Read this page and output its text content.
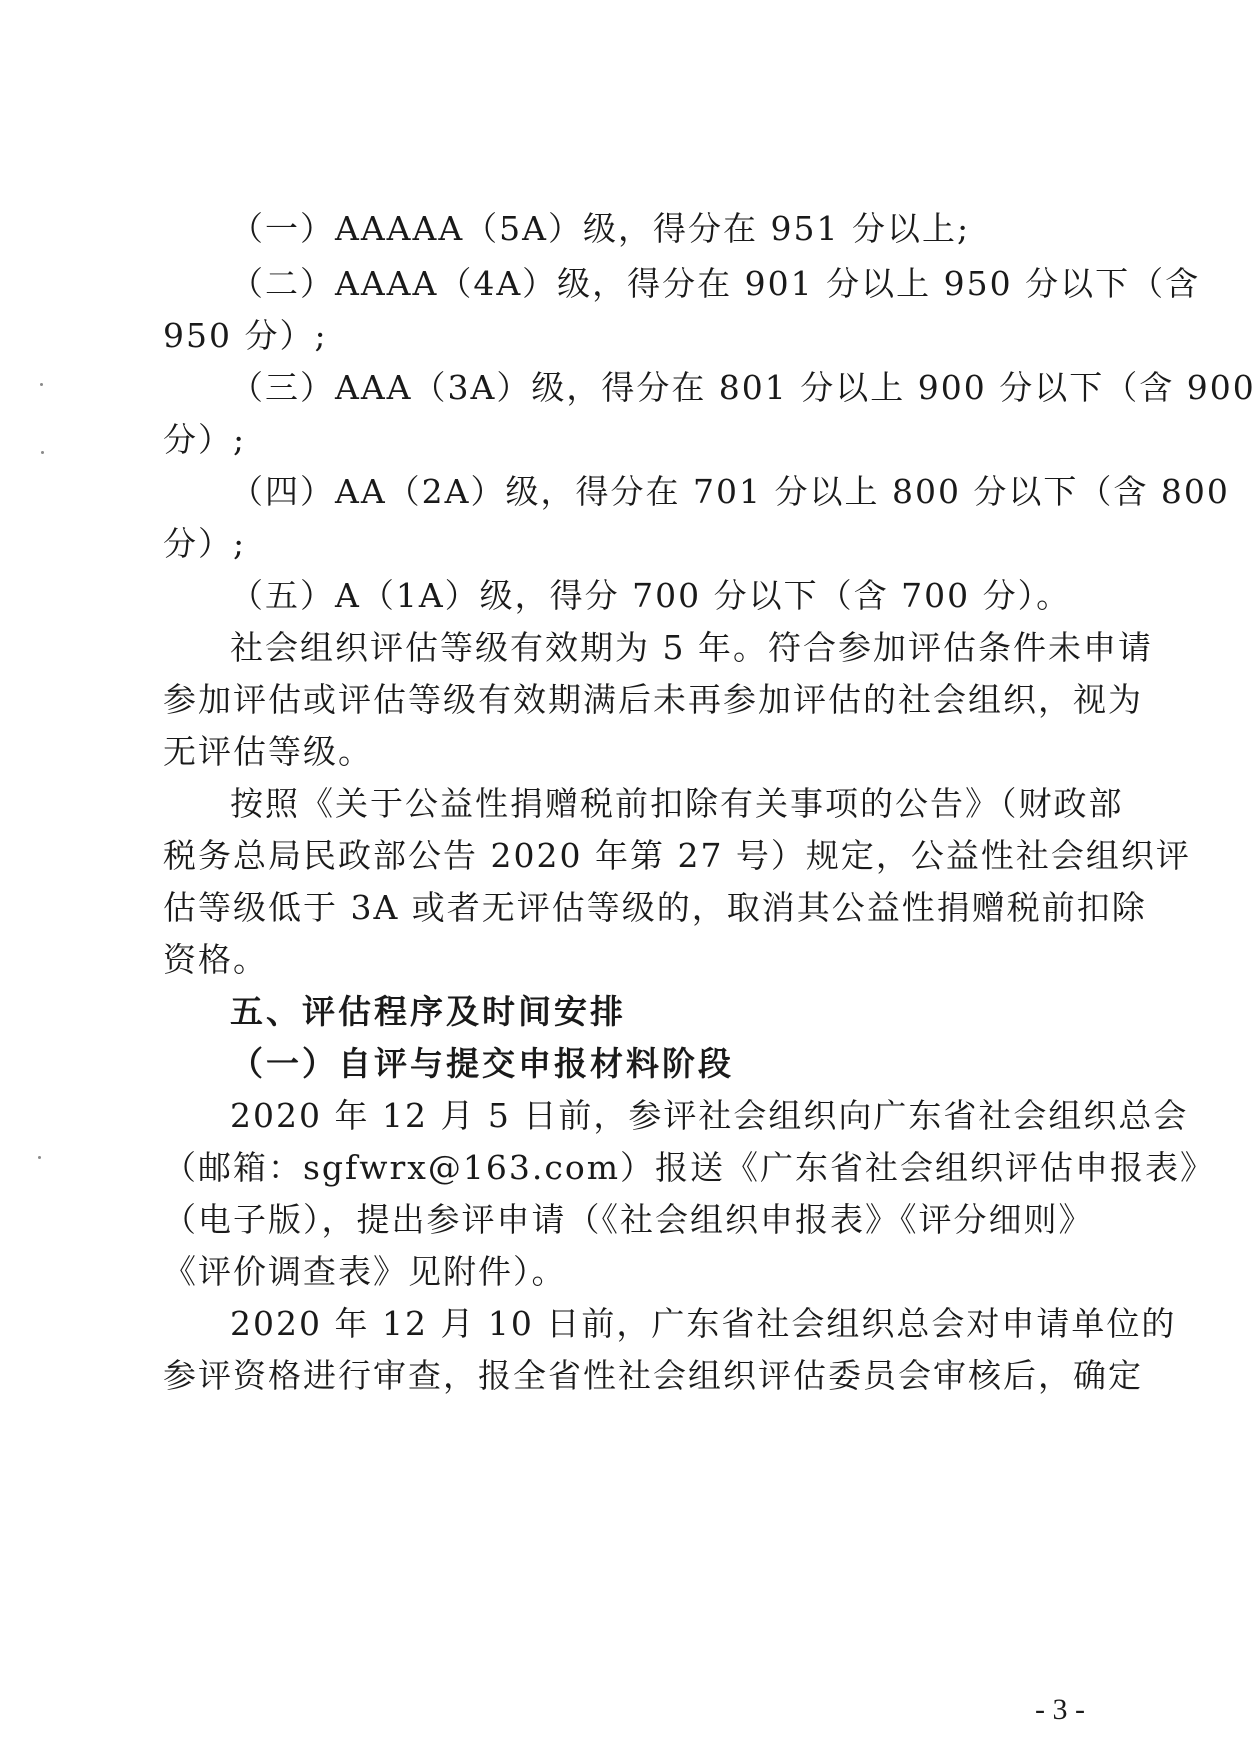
（一）AAAAA（5A）级，得分在 951 分以上;
（二）AAAA（4A）级，得分在 901 分以上 950 分以下（含
950 分）;
（三）AAA（3A）级，得分在 801 分以上 900 分以下（含 900
分）;
（四）AA（2A）级，得分在 701 分以上 800 分以下（含 800
分）;
（五）A（1A）级，得分 700 分以下（含 700 分）。
社会组织评估等级有效期为 5 年。符合参加评估条件未申请
参加评估或评估等级有效期满后未再参加评估的社会组织，视为
无评估等级。
按照《关于公益性捐赠税前扣除有关事项的公告》（财政部
税务总局民政部公告 2020 年第 27 号）规定，公益性社会组织评
估等级低于 3A 或者无评估等级的，取消其公益性捐赠税前扣除
资格。
五、评估程序及时间安排
（一）自评与提交申报材料阶段
2020 年 12 月 5 日前，参评社会组织向广东省社会组织总会
（邮箱：sgfwrx@163.com）报送《广东省社会组织评估申报表》
（电子版），提出参评申请（《社会组织申报表》《评分细则》
《评价调查表》见附件）。
2020 年 12 月 10 日前，广东省社会组织总会对申请单位的
参评资格进行审查，报全省性社会组织评估委员会审核后，确定
- 3 -
